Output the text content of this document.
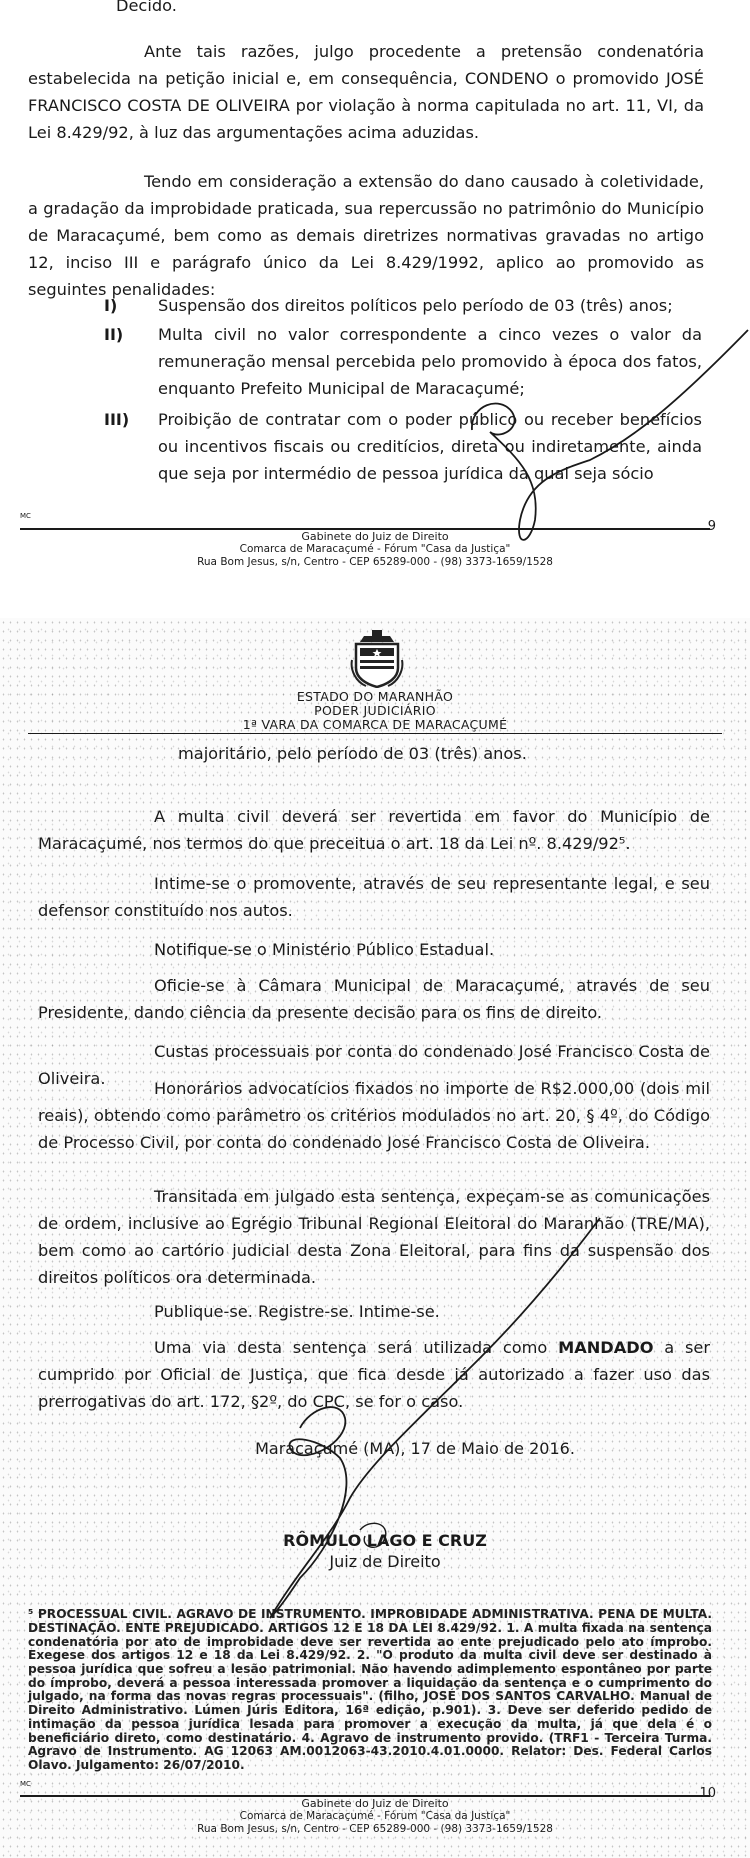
Decido.

Ante tais razões, julgo procedente a pretensão condenatória estabelecida na petição inicial e, em consequência, CONDENO o promovido JOSÉ FRANCISCO COSTA DE OLIVEIRA por violação à norma capitulada no art. 11, VI, da Lei 8.429/92, à luz das argumentações acima aduzidas.

Tendo em consideração a extensão do dano causado à coletividade, a gradação da improbidade praticada, sua repercussão no patrimônio do Município de Maracaçumé, bem como as demais diretrizes normativas gravadas no artigo 12, inciso III e parágrafo único da Lei 8.429/1992, aplico ao promovido as seguintes penalidades:

I)	Suspensão dos direitos políticos pelo período de 03 (três) anos;
II) Multa civil no valor correspondente a cinco vezes o valor da remuneração mensal percebida pelo promovido à época dos fatos, enquanto Prefeito Municipal de Maracaçumé;
III) Proibição de contratar com o poder público ou receber benefícios ou incentivos fiscais ou creditícios, direta ou indiretamente, ainda que seja por intermédio de pessoa jurídica da qual seja sócio
MC
9
Gabinete do Juiz de Direito
Comarca de Maracaçumé - Fórum "Casa da Justiça"
Rua Bom Jesus, s/n, Centro - CEP 65289-000 - (98) 3373-1659/1528
ESTADO DO MARANHÃO
PODER JUDICIÁRIO
1ª VARA DA COMARCA DE MARACAÇUMÉ

majoritário, pelo período de 03 (três) anos.

A multa civil deverá ser revertida em favor do Município de Maracaçumé, nos termos do que preceitua o art. 18 da Lei nº. 8.429/92⁵.

Intime-se o promovente, através de seu representante legal, e seu defensor constituído nos autos.

Notifique-se o Ministério Público Estadual.

Oficie-se à Câmara Municipal de Maracaçumé, através de seu Presidente, dando ciência da presente decisão para os fins de direito.

Custas processuais por conta do condenado José Francisco Costa de Oliveira.

Honorários advocatícios fixados no importe de R$2.000,00 (dois mil reais), obtendo como parâmetro os critérios modulados no art. 20, § 4º, do Código de Processo Civil, por conta do condenado José Francisco Costa de Oliveira.

Transitada em julgado esta sentença, expeçam-se as comunicações de ordem, inclusive ao Egrégio Tribunal Regional Eleitoral do Maranhão (TRE/MA), bem como ao cartório judicial desta Zona Eleitoral, para fins da suspensão dos direitos políticos ora determinada.

Publique-se. Registre-se. Intime-se.

Uma via desta sentença será utilizada como MANDADO a ser cumprido por Oficial de Justiça, que fica desde já autorizado a fazer uso das prerrogativas do art. 172, §2º, do CPC, se for o caso.

Maracaçumé (MA), 17 de Maio de 2016.
RÔMULO LAGO E CRUZ
Juiz de Direito

⁵ PROCESSUAL CIVIL. AGRAVO DE INSTRUMENTO. IMPROBIDADE ADMINISTRATIVA. PENA DE MULTA. DESTINAÇÃO. ENTE PREJUDICADO. ARTIGOS 12 E 18 DA LEI 8.429/92. 1. A multa fixada na sentença condenatória por ato de improbidade deve ser revertida ao ente prejudicado pelo ato ímprobo. Exegese dos artigos 12 e 18 da Lei 8.429/92. 2. "O produto da multa civil deve ser destinado à pessoa jurídica que sofreu a lesão patrimonial. Não havendo adimplemento espontâneo por parte do ímprobo, deverá a pessoa interessada promover a liquidação da sentença e o cumprimento do julgado, na forma das novas regras processuais". (filho, JOSÉ DOS SANTOS CARVALHO. Manual de Direito Administrativo. Lúmen Júris Editora, 16ª edição, p.901). 3. Deve ser deferido pedido de intimação da pessoa jurídica lesada para promover a execução da multa, já que dela é o beneficiário direto, como destinatário. 4. Agravo de instrumento provido. (TRF1 - Terceira Turma. Agravo de Instrumento. AG 12063 AM.0012063-43.2010.4.01.0000. Relator: Des. Federal Carlos Olavo. Julgamento: 26/07/2010.

MC
10
Gabinete do Juiz de Direito
Comarca de Maracaçumé - Fórum "Casa da Justiça"
Rua Bom Jesus, s/n, Centro - CEP 65289-000 - (98) 3373-1659/1528
